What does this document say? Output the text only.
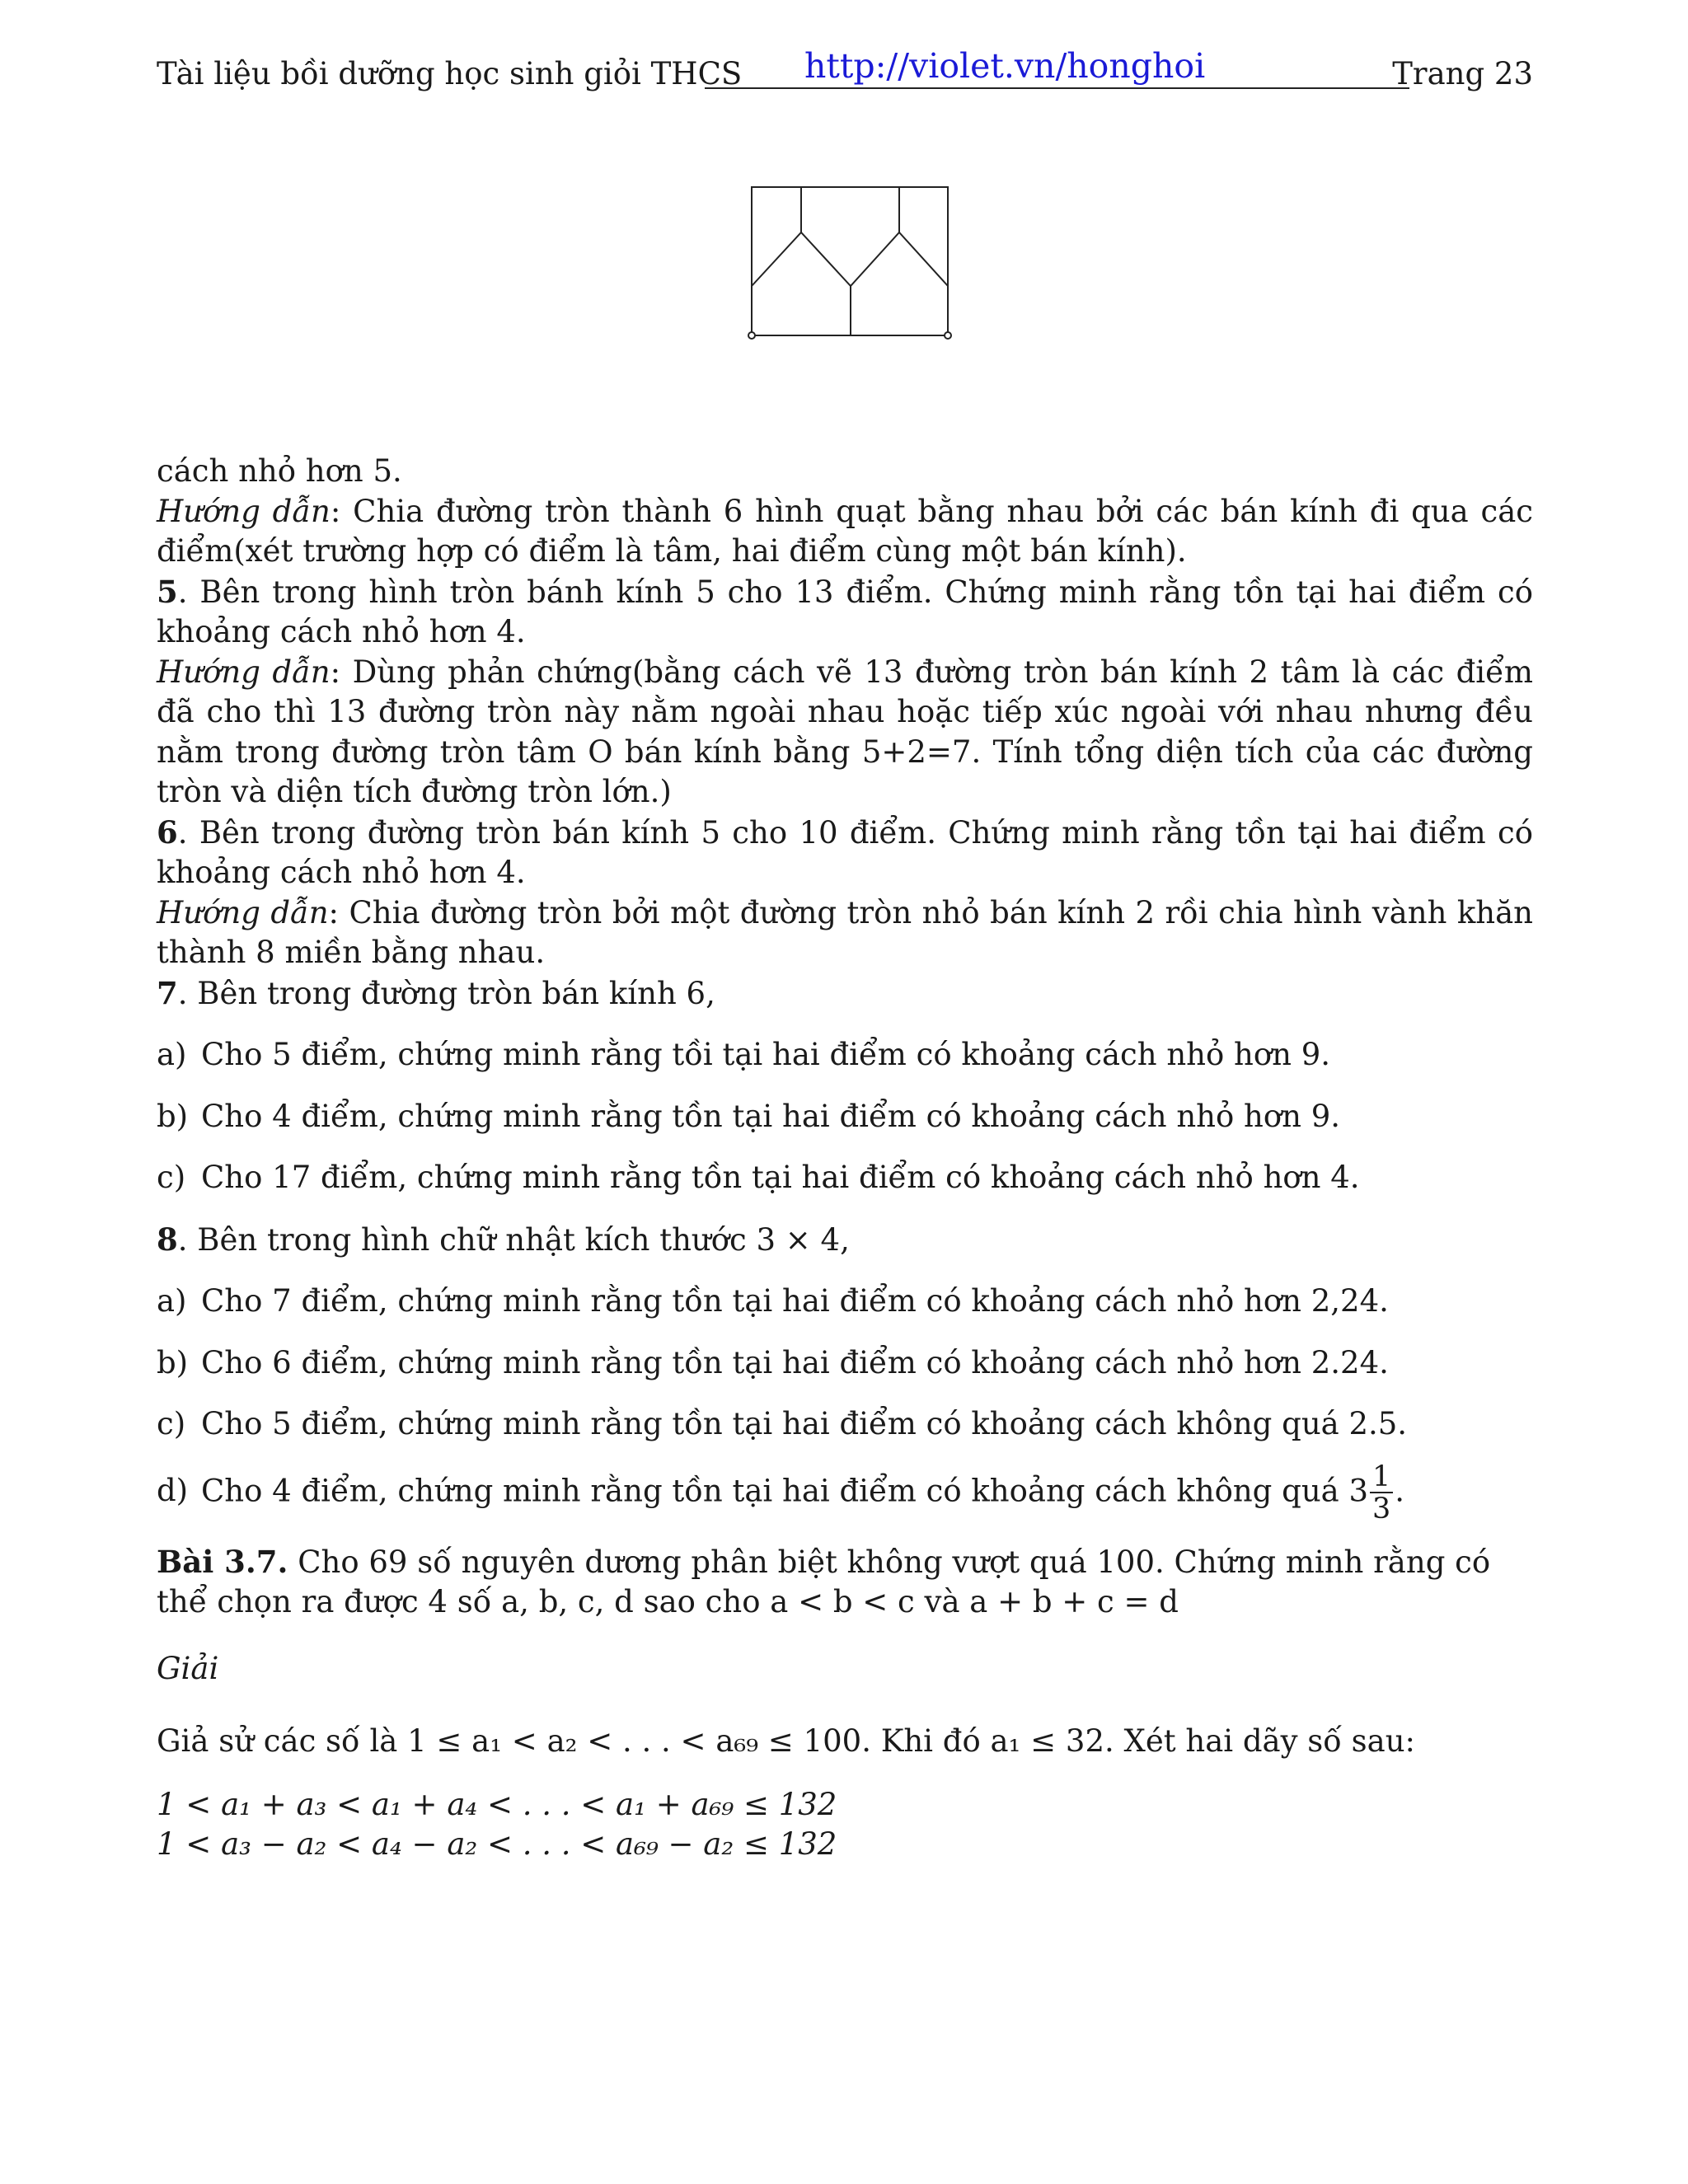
Tài liệu bồi dưỡng học sinh giỏi THCS http://violet.vn/honghoi	Trang 23

cách nhỏ hơn 5.

Hướng dẫn: Chia đường tròn thành 6 hình quạt bằng nhau bởi các bán kính đi qua các điểm(xét trường hợp có điểm là tâm, hai điểm cùng một bán kính).

5. Bên trong hình tròn bánh kính 5 cho 13 điểm. Chứng minh rằng tồn tại hai điểm có khoảng cách nhỏ hơn 4.

Hướng dẫn: Dùng phản chứng(bằng cách vẽ 13 đường tròn bán kính 2 tâm là các điểm đã cho thì 13 đường tròn này nằm ngoài nhau hoặc tiếp xúc ngoài với nhau nhưng đều nằm trong đường tròn tâm O bán kính bằng 5+2=7. Tính tổng diện tích của các đường tròn và diện tích đường tròn lớn.)

6. Bên trong đường tròn bán kính 5 cho 10 điểm. Chứng minh rằng tồn tại hai điểm có khoảng cách nhỏ hơn 4.

Hướng dẫn: Chia đường tròn bởi một đường tròn nhỏ bán kính 2 rồi chia hình vành khăn thành 8 miền bằng nhau.

7. Bên trong đường tròn bán kính 6,

a) Cho 5 điểm, chứng minh rằng tồi tại hai điểm có khoảng cách nhỏ hơn 9.

b) Cho 4 điểm, chứng minh rằng tồn tại hai điểm có khoảng cách nhỏ hơn 9.

c) Cho 17 điểm, chứng minh rằng tồn tại hai điểm có khoảng cách nhỏ hơn 4.

8. Bên trong hình chữ nhật kích thước 3 × 4,

a) Cho 7 điểm, chứng minh rằng tồn tại hai điểm có khoảng cách nhỏ hơn 2,24.

b) Cho 6 điểm, chứng minh rằng tồn tại hai điểm có khoảng cách nhỏ hơn 2.24.

c) Cho 5 điểm, chứng minh rằng tồn tại hai điểm có khoảng cách không quá 2.5.

d) Cho 4 điểm, chứng minh rằng tồn tại hai điểm có khoảng cách không quá $3 \frac{1}{3}$ .

Bài 3.7. Cho 69 số nguyên dương phân biệt không vượt quá 100. Chứng minh rằng có thể chọn ra được 4 số a, b, c, d sao cho a < b < c và a + b + c = d

Giải

Giả sử các số là 1 ≤ a₁ < a₂ < . . . < a₆₉ ≤ 100. Khi đó a₁ ≤ 32. Xét hai dãy số sau:

1 < a₁ + a₃ < a₁ + a₄ < . . . < a₁ + a₆₉ ≤ 132

1 < a₃ − a₂ < a₄ − a₂ < . . . < a₆₉ − a₂ ≤ 132
